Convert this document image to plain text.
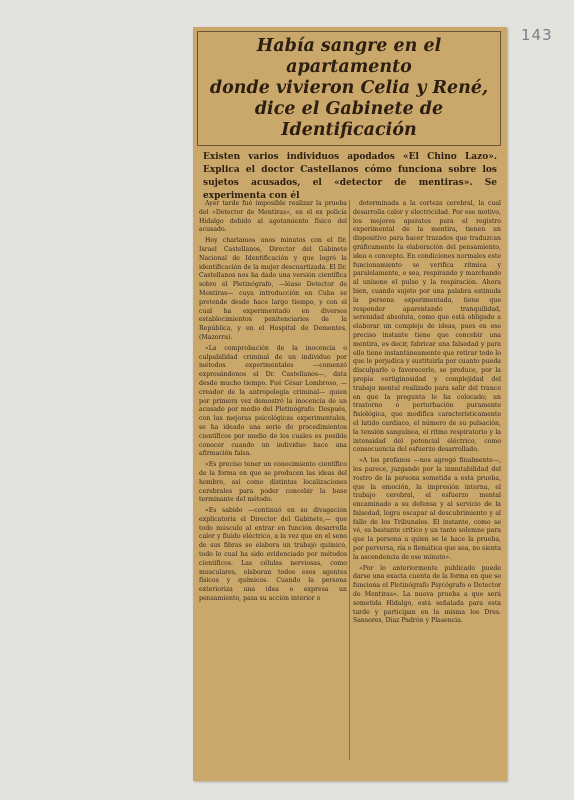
143
Había sangre en el apartamento
donde vivieron Celia y René,
dice el Gabinete de Identificación
Existen varios individuos apodados «El Chino Lazo». Explica el doctor Castellanos cómo funciona sobre los sujetos acusados, el «detector de mentiras». Se experimenta con él

Ayer tarde fué imposible realizar la prueba del «Detector de Mentiras», en el ex policía Hidalgo debido al agotamiento físico del acusado.

Hoy charlamos unos minutos con el Dr. Israel Castellanos, Director del Gabinete Nacional de Identificación y que logró la identificación de la mujer descuartizada. El Dr. Castellanos nos ha dado una versión científica sobre el Pletinógrafo, —léase Detector de Mentiras— cuya introducción en Cuba se pretende desde hace largo tiempo, y con el cual ha experimentado en diversos establecimientos penitenciarios de la República, y en el Hospital de Dementes, (Mazorra).

«La comprobación de la inocencia o culpabilidad criminal de un individuo por métodos experimentales —comenzó expresándonos el Dr. Castellanos—, data desde mucho tiempo. Fué César Lombroso, —creador de la antropología criminal— quien por primera vez demostró la inocencia de un acusado por medio del Pletinógrafo. Después, con las mejoras psicológicas experimentales, se ha ideado una serie de procedimientos científicos por medio de los cuales es posible conocer cuando un individuo hace una afirmación falsa.

«Es preciso tener un conocimiento científico de la forma en que se producen las ideas del hombre, así como distintas localizaciones cerebrales para poder concebir la base terminante del método.

«Es sabido —continuó en su divagación explicatoria el Director del Gabinete,— que todo músculo al entrar en función desarrolla calor y fluido eléctrico, a la vez que en el seno de sus fibras se elabora un trabajo químico, todo lo cual ha sido evidenciado por métodos científicos. Las células nerviosas, como musculares, elaboran todos esos agentes físicos y químicos. Cuando la persona exterioriza una idea o expresa un pensamiento, pasa su acción interior o

determinada a la corteza cerebral, la cual desarrolla calor y electricidad. Por ese motivo, los mejores aparatos para el registro experimental de la mentira, tienen un dispositivo para hacer trazados que traduzcan gráficamente la elaboración del pensamiento, idea o concepto. En condiciones normales este funcionamiento se verifica rítmica y paralelamente, o sea, respirando y marchando al unísono el pulso y la respiración. Ahora bien, cuando sujeto por una palabra estimula la persona experimentada, tiene que responder aparentando tranquilidad, serenidad absoluta, como que está obligado a elaborar un complejo de ideas, pues en ese preciso instante tiene que concebir una mentira, es decir, fabricar una falsedad y para ello tiene instantáneamente que retirar todo lo que le perjudica y sustituirla por cuanto pueda disculparlo o favorecerlo, se produce, por la propia vertiginosidad y complejidad del trabajo mental realizado para salir del trance en que la pregunta le ha colocado; un trastorno o perturbación puramente fisiológica, que modifica característicamente el latido cardíaco, el número de su pulsación, la tensión sanguínea, el ritmo respiratorio y la intensidad del potencial eléctrico, como consecuencia del esfuerzo desarrollado.

«A los profanos —nos agregó finalmente—, les parece, juzgando por la inmutabilidad del rostro de la persona sometida a esta prueba, que la emoción, la impresión interna, el trabajo cerebral, el esfuerzo mental encaminado a su defensa y al servicio de la falsedad, logra escapar al descubrimiento y al fallo de los Tribunales. El instante, como se vé, es bastante crítico y un tanto solemne para que la persona a quien se le hace la prueba, por perversa, ría o flemática que sea, no sienta la ascendencia de ese minuto».

«Por lo anteriormente publicado puede darse una exacta cuenta de la forma en que se funciona el Pletinógrafo Psycógrafo o Detector de Mentiras». La nueva prueba a que será sometida Hidalgo, está señalada para esta tarde y participan en la misma los Dres. Sansores, Díaz Padrón y Plasencia.
